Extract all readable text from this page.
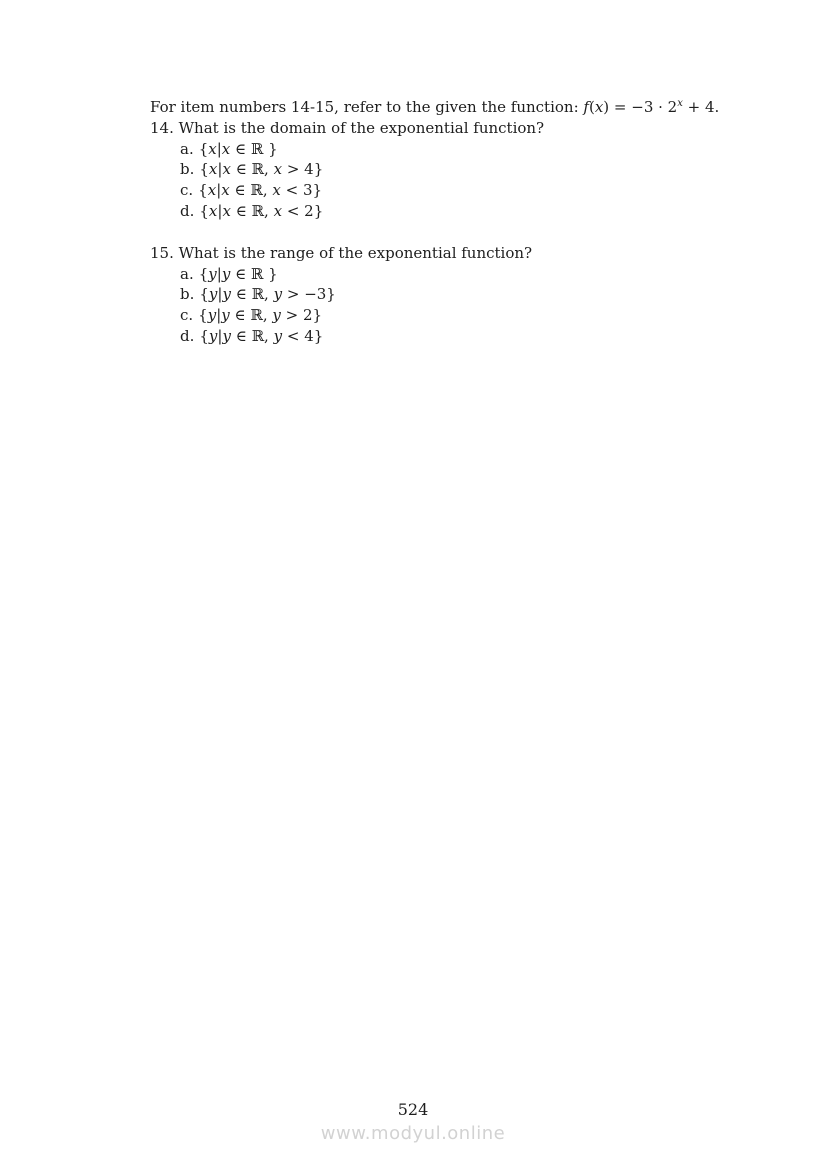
For item numbers 14-15, refer to the given the function: $f(x) = -3 \cdot 2^x + 4$.
14. What is the domain of the exponential function?
a. {x|x ∈ ℝ }
b. {x|x ∈ ℝ, x > 4}
c. {x|x ∈ ℝ, x < 3}
d. {x|x ∈ ℝ, x < 2}
15. What is the range of the exponential function?
a. {y|y ∈ ℝ }
b. {y|y ∈ ℝ, y > −3}
c. {y|y ∈ ℝ, y > 2}
d. {y|y ∈ ℝ, y < 4}
524
www.modyul.online
